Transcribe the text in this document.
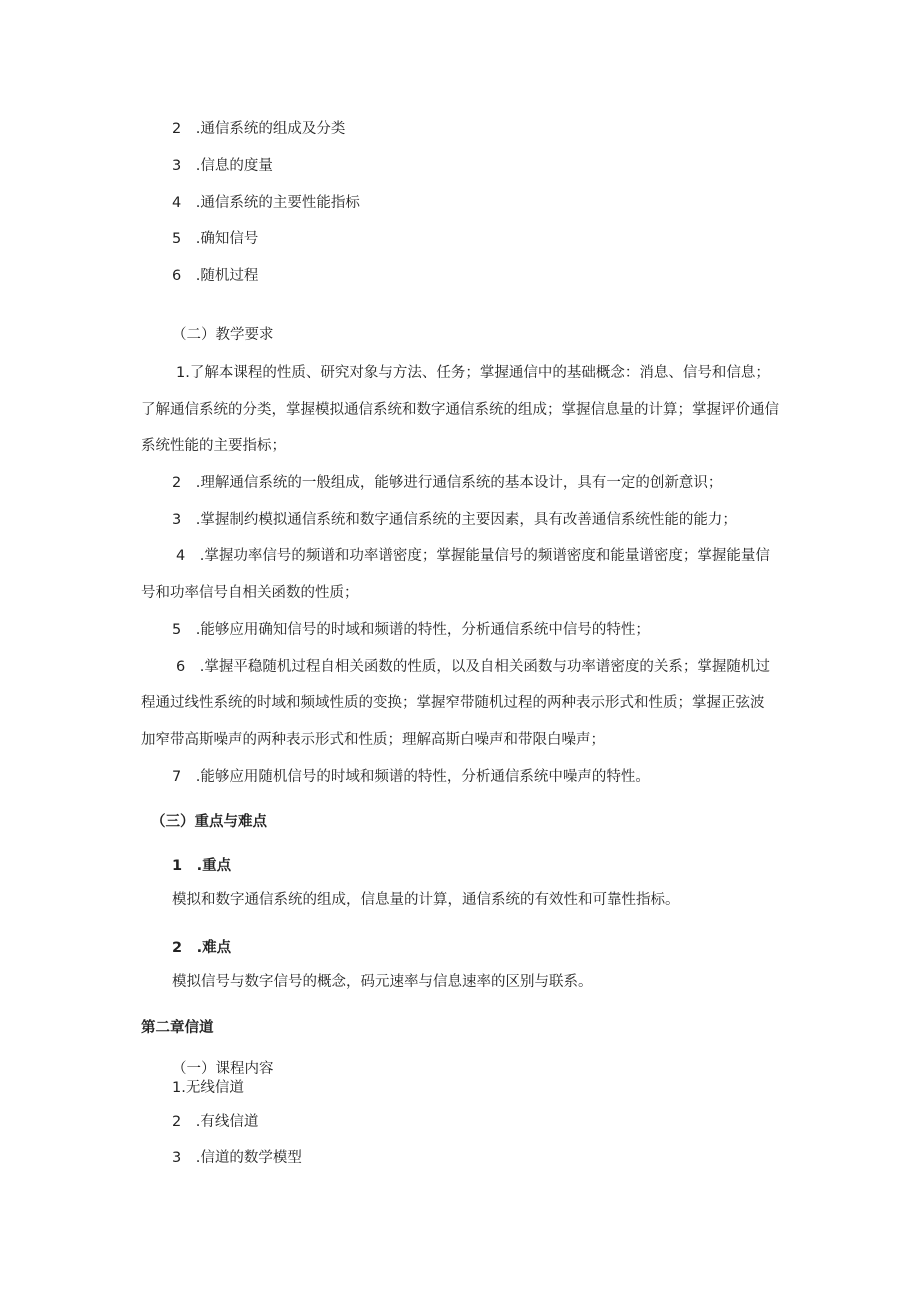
2　.通信系统的组成及分类
3　.信息的度量
4　.通信系统的主要性能指标
5　.确知信号
6　.随机过程
（二）教学要求
1.了解本课程的性质、研究对象与方法、任务；掌握通信中的基础概念：消息、信号和信息；
了解通信系统的分类，掌握模拟通信系统和数字通信系统的组成；掌握信息量的计算；掌握评价通信
系统性能的主要指标；
2　.理解通信系统的一般组成，能够进行通信系统的基本设计，具有一定的创新意识；
3　.掌握制约模拟通信系统和数字通信系统的主要因素，具有改善通信系统性能的能力；
4　.掌握功率信号的频谱和功率谱密度；掌握能量信号的频谱密度和能量谱密度；掌握能量信
号和功率信号自相关函数的性质；
5　.能够应用确知信号的时域和频谱的特性，分析通信系统中信号的特性；
6　.掌握平稳随机过程自相关函数的性质，以及自相关函数与功率谱密度的关系；掌握随机过
程通过线性系统的时域和频域性质的变换；掌握窄带随机过程的两种表示形式和性质；掌握正弦波
加窄带高斯噪声的两种表示形式和性质；理解高斯白噪声和带限白噪声；
7　.能够应用随机信号的时域和频谱的特性，分析通信系统中噪声的特性。
（三）重点与难点
1　.重点
模拟和数字通信系统的组成，信息量的计算，通信系统的有效性和可靠性指标。
2　.难点
模拟信号与数字信号的概念，码元速率与信息速率的区别与联系。
第二章信道
（一）课程内容
1.无线信道
2　.有线信道
3　.信道的数学模型
